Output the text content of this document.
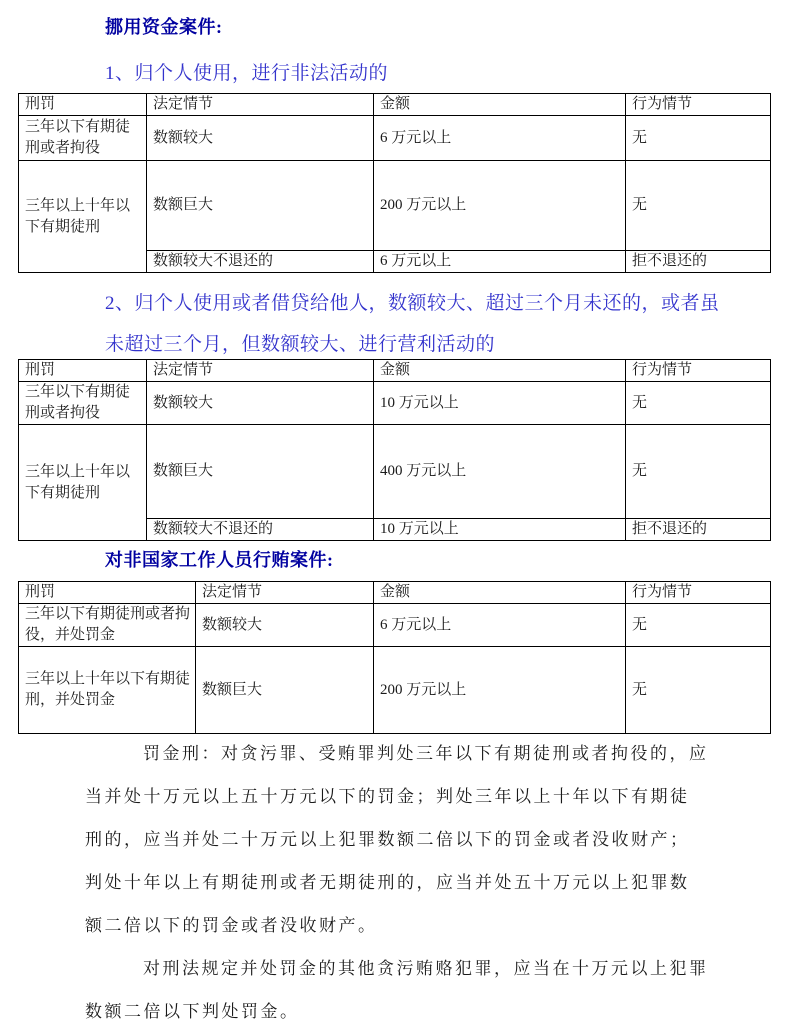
挪用资金案件:
1、归个人使用，进行非法活动的
刑罚	法定情节	金额	行为情节
三年以下有期徒刑或者拘役	数额较大	6 万元以上	无
三年以上十年以下有期徒刑	数额巨大	200 万元以上	无
	数额较大不退还的	6 万元以上	拒不退还的
2、归个人使用或者借贷给他人，数额较大、超过三个月未还的，或者虽
未超过三个月，但数额较大、进行营利活动的
刑罚	法定情节	金额	行为情节
三年以下有期徒刑或者拘役	数额较大	10 万元以上	无
三年以上十年以下有期徒刑	数额巨大	400 万元以上	无
	数额较大不退还的	10 万元以上	拒不退还的
对非国家工作人员行贿案件:
刑罚	法定情节	金额	行为情节
三年以下有期徒刑或者拘役，并处罚金	数额较大	6 万元以上	无
三年以上十年以下有期徒刑，并处罚金	数额巨大	200 万元以上	无
罚金刑：对贪污罪、受贿罪判处三年以下有期徒刑或者拘役的，应
当并处十万元以上五十万元以下的罚金；判处三年以上十年以下有期徒
刑的，应当并处二十万元以上犯罪数额二倍以下的罚金或者没收财产；
判处十年以上有期徒刑或者无期徒刑的，应当并处五十万元以上犯罪数
额二倍以下的罚金或者没收财产。
对刑法规定并处罚金的其他贪污贿赂犯罪，应当在十万元以上犯罪
数额二倍以下判处罚金。
